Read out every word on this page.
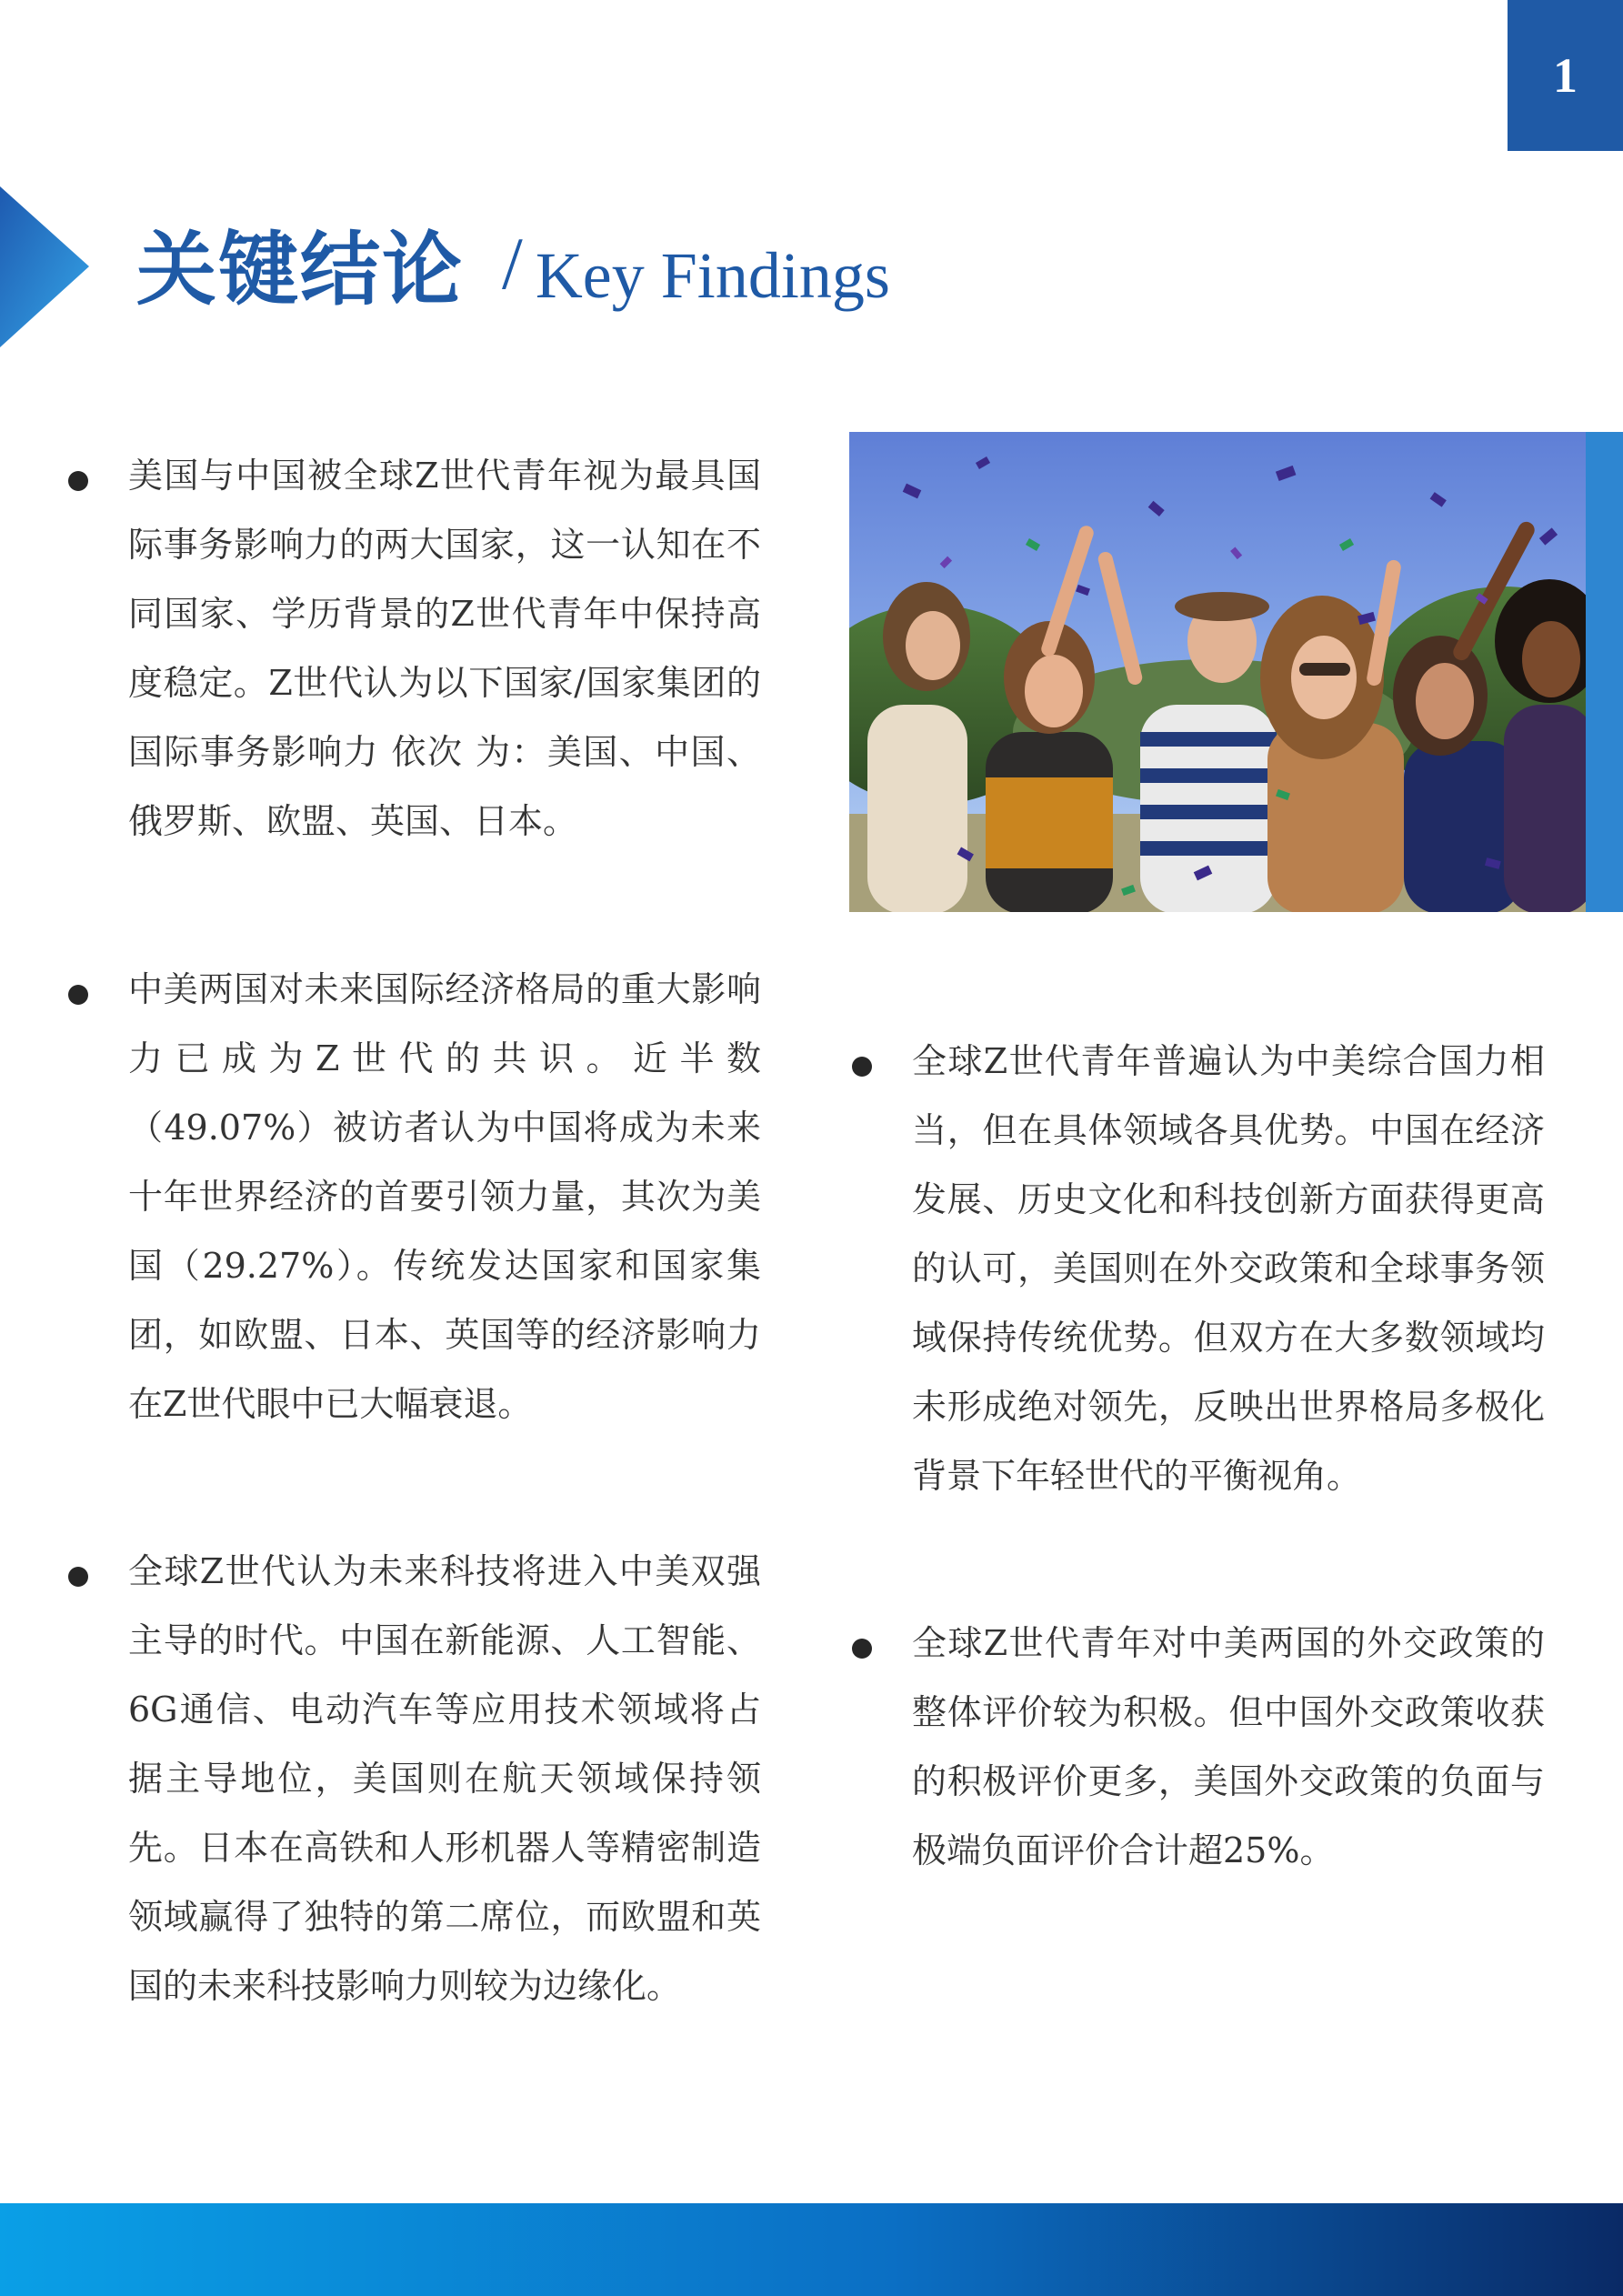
1
关键结论 / Key Findings

美国与中国被全球Z世代青年视为最具国际事务影响力的两大国家，这一认知在不同国家、学历背景的Z世代青年中保持高度稳定。Z世代认为以下国家/国家集团的国际事务影响力 依次 为：美国、中国、俄罗斯、欧盟、英国、日本。

中美两国对未来国际经济格局的重大影响力已成为Z世代的共识。近半数（49.07%）被访者认为中国将成为未来十年世界经济的首要引领力量，其次为美国（29.27%）。传统发达国家和国家集团，如欧盟、日本、英国等的经济影响力在Z世代眼中已大幅衰退。

全球Z世代认为未来科技将进入中美双强主导的时代。中国在新能源、人工智能、6G通信、电动汽车等应用技术领域将占据主导地位，美国则在航天领域保持领先。日本在高铁和人形机器人等精密制造领域赢得了独特的第二席位，而欧盟和英国的未来科技影响力则较为边缘化。

全球Z世代青年普遍认为中美综合国力相当，但在具体领域各具优势。中国在经济发展、历史文化和科技创新方面获得更高的认可，美国则在外交政策和全球事务领域保持传统优势。但双方在大多数领域均未形成绝对领先，反映出世界格局多极化背景下年轻世代的平衡视角。

全球Z世代青年对中美两国的外交政策的整体评价较为积极。但中国外交政策收获的积极评价更多，美国外交政策的负面与极端负面评价合计超25%。
